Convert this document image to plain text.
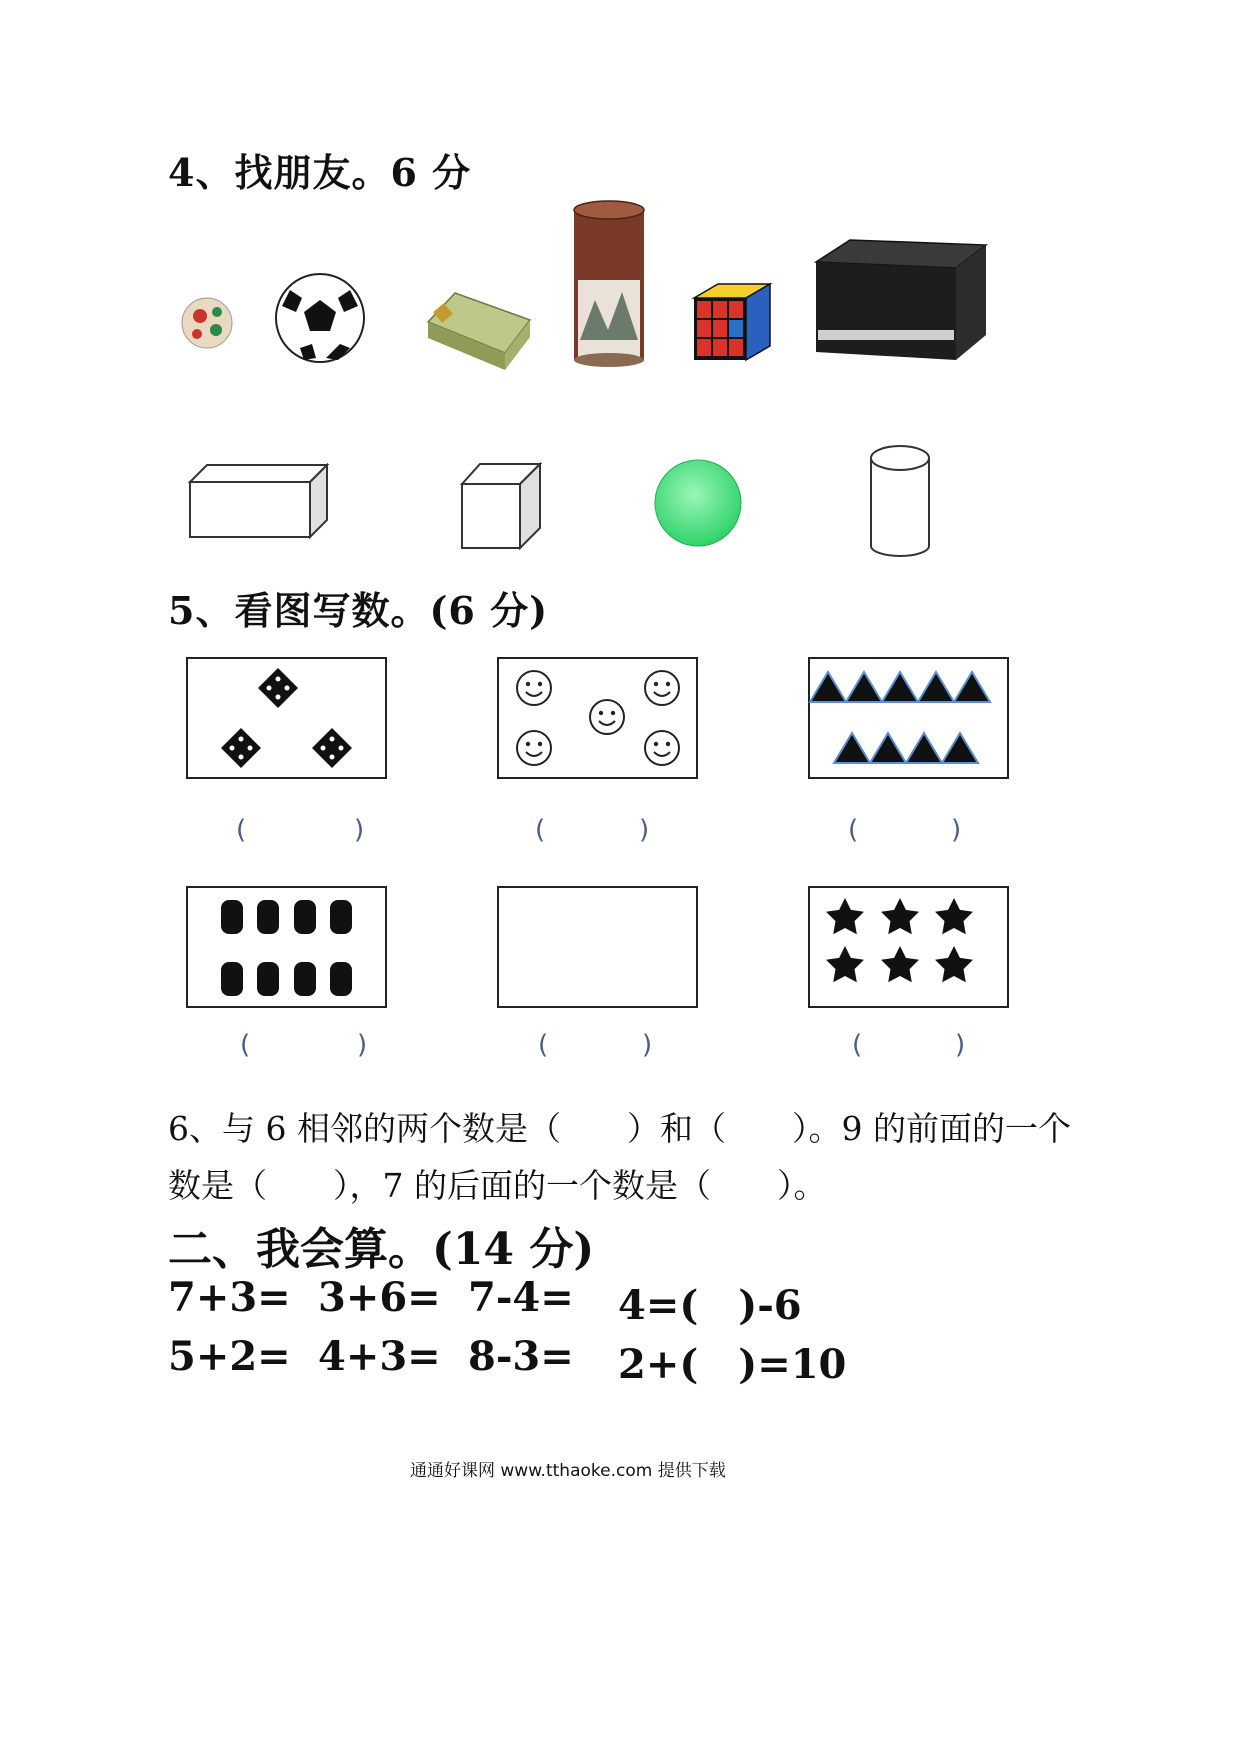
4、找朋友。6 分
5、看图写数。(6 分)
(	)	(	)	(	)
(	)	(	)	(	)
6、与 6 相邻的两个数是（　　）和（　　）。9 的前面的一个
数是（　　），7 的后面的一个数是（　　）。
二、我会算。(14 分)
7+3= 3+6= 7-4= 4=(　)-6
5+2= 4+3= 8-3= 2+(　)=10
通通好课网 www.tthaoke.com 提供下载
